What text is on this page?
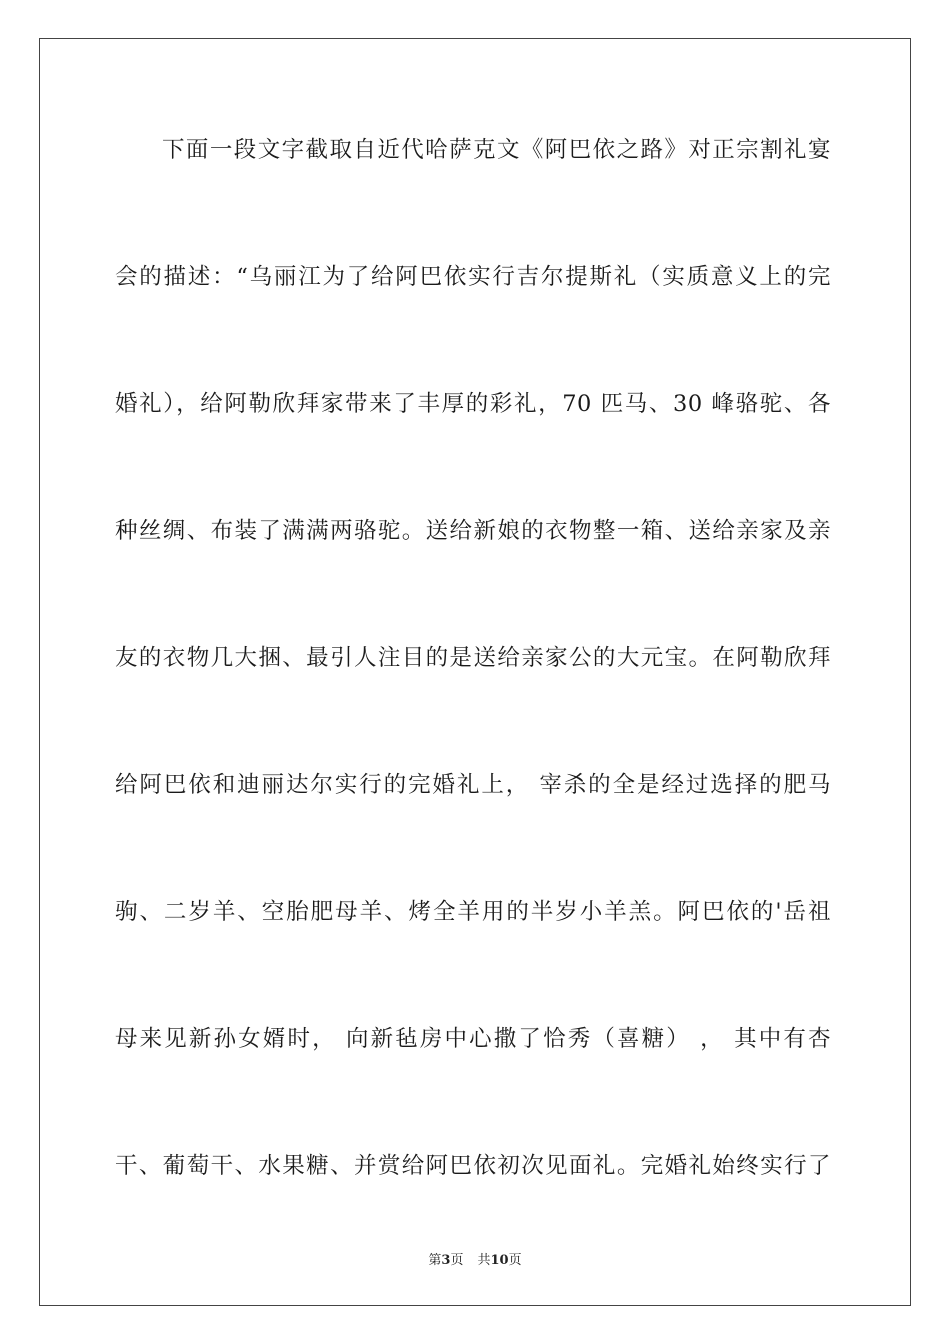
下面一段文字截取自近代哈萨克文《阿巴依之路》对正宗割礼宴
会的描述：“乌丽江为了给阿巴依实行吉尔提斯礼（实质意义上的完
婚礼），给阿勒欣拜家带来了丰厚的彩礼，70 匹马、30 峰骆驼、各
种丝绸、布装了满满两骆驼。送给新娘的衣物整一箱、送给亲家及亲
友的衣物几大捆、最引人注目的是送给亲家公的大元宝。在阿勒欣拜
给阿巴依和迪丽达尔实行的完婚礼上， 宰杀的全是经过选择的肥马
驹、二岁羊、空胎肥母羊、烤全羊用的半岁小羊羔。阿巴依的'岳祖
母来见新孙女婿时， 向新毡房中心撒了恰秀（喜糖） ， 其中有杏
干、葡萄干、水果糖、并赏给阿巴依初次见面礼。完婚礼始终实行了
第3页 共10页
